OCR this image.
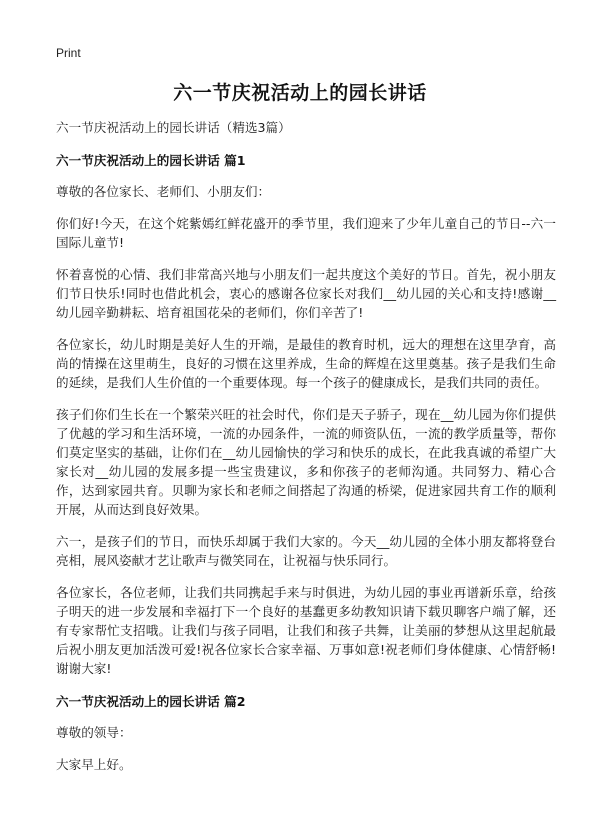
Print
六一节庆祝活动上的园长讲话

六一节庆祝活动上的园长讲话（精选3篇）

六一节庆祝活动上的园长讲话 篇1

尊敬的各位家长、老师们、小朋友们：

你们好!今天，在这个姹紫嫣红鲜花盛开的季节里，我们迎来了少年儿童自己的节日--六一国际儿童节!

怀着喜悦的心情、我们非常高兴地与小朋友们一起共度这个美好的节日。首先，祝小朋友们节日快乐!同时也借此机会，衷心的感谢各位家长对我们__幼儿园的关心和支持!感谢__幼儿园辛勤耕耘、培育祖国花朵的老师们，你们辛苦了!

各位家长，幼儿时期是美好人生的开端，是最佳的教育时机，远大的理想在这里孕育，高尚的情操在这里萌生，良好的习惯在这里养成，生命的辉煌在这里奠基。孩子是我们生命的延续，是我们人生价值的一个重要体现。每一个孩子的健康成长，是我们共同的责任。

孩子们你们生长在一个繁荣兴旺的社会时代，你们是天子骄子，现在__幼儿园为你们提供了优越的学习和生活环境，一流的办园条件，一流的师资队伍，一流的教学质量等，帮你们莫定坚实的基础，让你们在__幼儿园愉快的学习和快乐的成长，在此我真诚的希望广大家长对__幼儿园的发展多提一些宝贵建议，多和你孩子的老师沟通。共同努力、精心合作，达到家园共育。贝聊为家长和老师之间搭起了沟通的桥梁，促进家园共育工作的顺利开展，从而达到良好效果。

六一，是孩子们的节日，而快乐却属于我们大家的。今天__幼儿园的全体小朋友都将登台亮相，展风姿献才艺让歌声与微笑同在，让祝福与快乐同行。

各位家长，各位老师，让我们共同携起手来与时俱进，为幼儿园的事业再谱新乐章，给孩子明天的进一步发展和幸福打下一个良好的基蠢更多幼教知识请下载贝聊客户端了解，还有专家帮忙支招哦。让我们与孩子同唱，让我们和孩子共舞，让美丽的梦想从这里起航最后祝小朋友更加活泼可爱!祝各位家长合家幸福、万事如意!祝老师们身体健康、心情舒畅!谢谢大家!

六一节庆祝活动上的园长讲话 篇2

尊敬的领导：

大家早上好。
